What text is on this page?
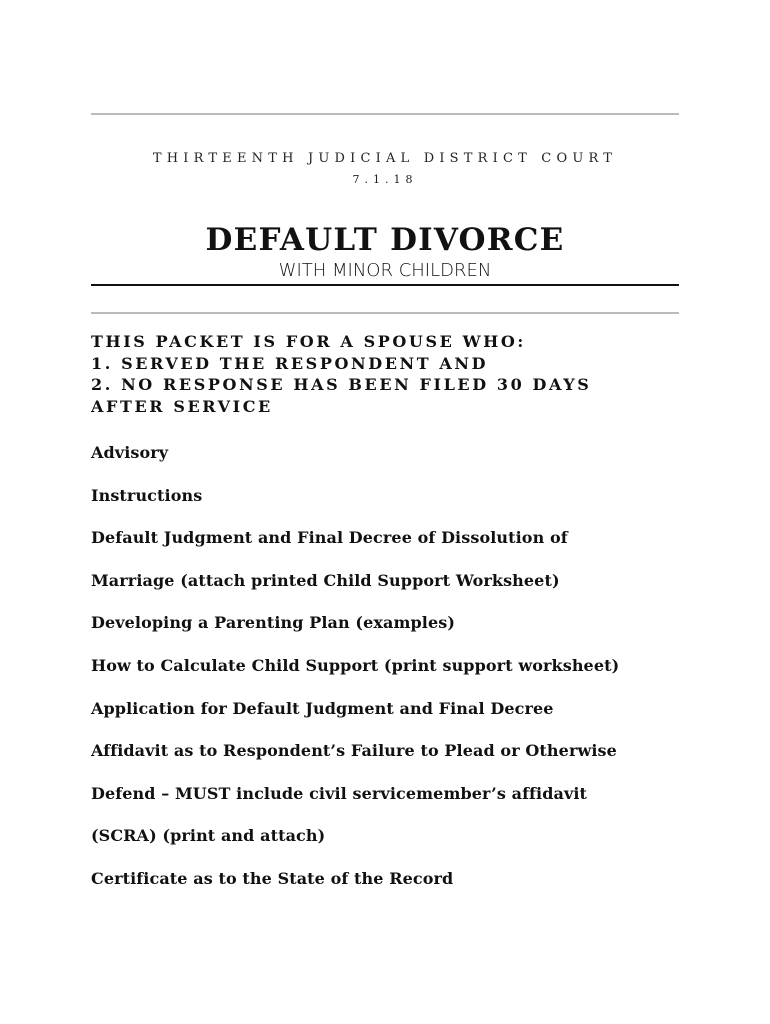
THIRTEENTH JUDICIAL DISTRICT COURT
7.1.18
DEFAULT DIVORCE
WITH MINOR CHILDREN
THIS PACKET IS FOR A SPOUSE WHO:
1. SERVED THE RESPONDENT AND
2. NO RESPONSE HAS BEEN FILED 30 DAYS
AFTER SERVICE
Advisory
Instructions
Default Judgment and Final Decree of Dissolution of
Marriage (attach printed Child Support Worksheet)
Developing a Parenting Plan (examples)
How to Calculate Child Support (print support worksheet)
Application for Default Judgment and Final Decree
Affidavit as to Respondent’s Failure to Plead or Otherwise
Defend – MUST include civil servicemember’s affidavit
(SCRA) (print and attach)
Certificate as to the State of the Record
